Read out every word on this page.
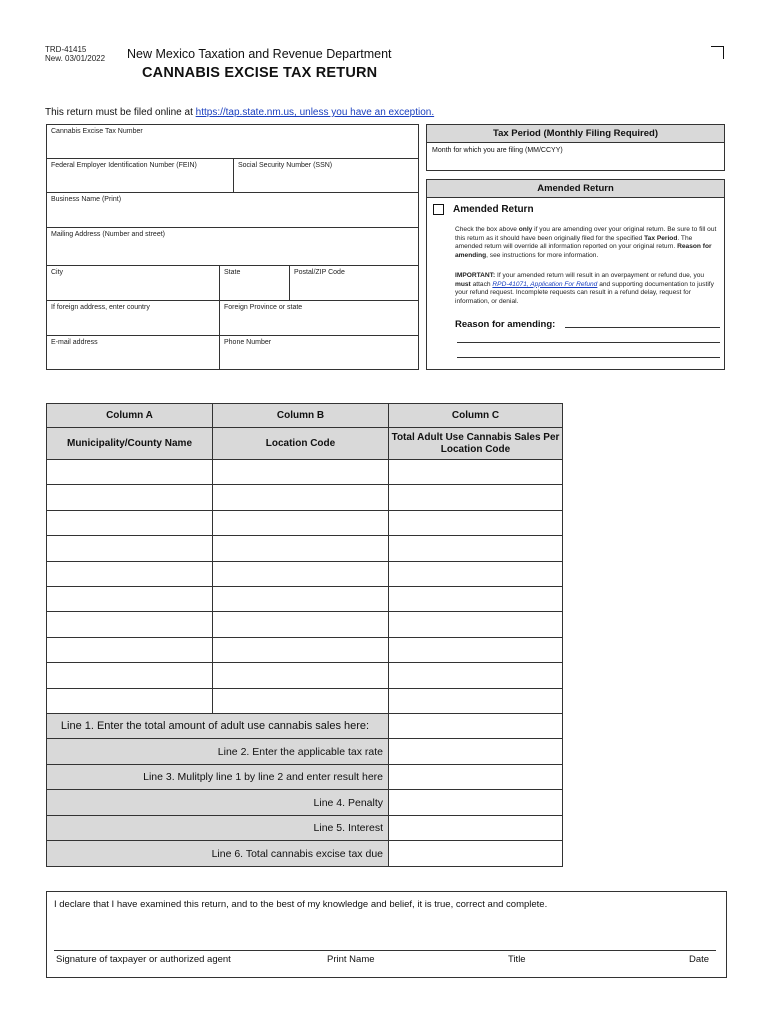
TRD-41415
New. 03/01/2022 New Mexico Taxation and Revenue Department
CANNABIS EXCISE TAX RETURN
This return must be filed online at https://tap.state.nm.us, unless you have an exception.
Cannabis Excise Tax Number
Federal Employer Identification Number (FEIN)	Social Security Number (SSN)
Business Name (Print)
Mailing Address (Number and street)
City	State	Postal/ZIP Code
If foreign address, enter country	Foreign Province or state
E-mail address	Phone Number
Tax Period (Monthly Filing Required)
Month for which you are filing (MM/CCYY)
Amended Return
Amended Return
Check the box above only if you are amending over your original return. Be sure to fill out this return as it should have been originally filed for the specified Tax Period. The amended return will override all information reported on your original return. Reason for amending, see instructions for more information.
IMPORTANT: If your amended return will result in an overpayment or refund due, you must attach RPD-41071, Application For Refund and supporting documentation to justify your refund request. Incomplete requests can result in a refund delay, request for information, or denial.
Reason for amending:
Column A	Column B	Column C
Municipality/County Name	Location Code	Total Adult Use Cannabis Sales Per Location Code

Line 1. Enter the total amount of adult use cannabis sales here:		
Line 2. Enter the applicable tax rate		
Line 3. Mulitply line 1 by line 2 and enter result here		
Line 4. Penalty		
Line 5. Interest		
Line 6. Total cannabis excise tax due		
I declare that I have examined this return, and to the best of my knowledge and belief, it is true, correct and complete.
Signature of taxpayer or authorized agent	Print Name	Title	Date
